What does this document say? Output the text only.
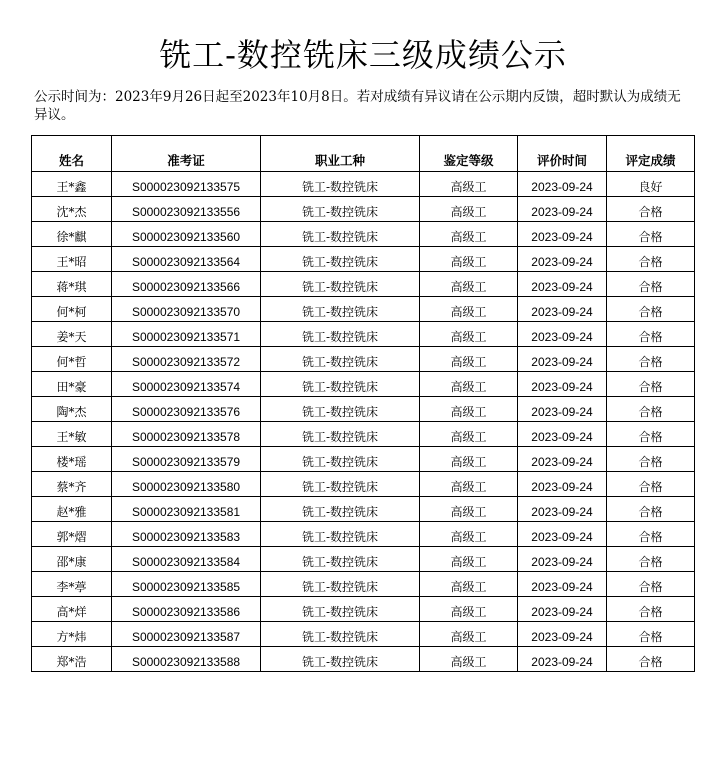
铣工-数控铣床三级成绩公示
公示时间为：2023年9月26日起至2023年10月8日。若对成绩有异议请在公示期内反馈，超时默认为成绩无异议。
姓名	准考证	职业工种	鉴定等级	评价时间	评定成绩
王*鑫	S000023092133575	铣工-数控铣床	高级工	2023-09-24	良好
沈*杰	S000023092133556	铣工-数控铣床	高级工	2023-09-24	合格
徐*麒	S000023092133560	铣工-数控铣床	高级工	2023-09-24	合格
王*昭	S000023092133564	铣工-数控铣床	高级工	2023-09-24	合格
蒋*琪	S000023092133566	铣工-数控铣床	高级工	2023-09-24	合格
何*柯	S000023092133570	铣工-数控铣床	高级工	2023-09-24	合格
姜*天	S000023092133571	铣工-数控铣床	高级工	2023-09-24	合格
何*哲	S000023092133572	铣工-数控铣床	高级工	2023-09-24	合格
田*豪	S000023092133574	铣工-数控铣床	高级工	2023-09-24	合格
陶*杰	S000023092133576	铣工-数控铣床	高级工	2023-09-24	合格
王*敏	S000023092133578	铣工-数控铣床	高级工	2023-09-24	合格
楼*瑶	S000023092133579	铣工-数控铣床	高级工	2023-09-24	合格
蔡*齐	S000023092133580	铣工-数控铣床	高级工	2023-09-24	合格
赵*雅	S000023092133581	铣工-数控铣床	高级工	2023-09-24	合格
郭*熠	S000023092133583	铣工-数控铣床	高级工	2023-09-24	合格
邵*康	S000023092133584	铣工-数控铣床	高级工	2023-09-24	合格
李*葶	S000023092133585	铣工-数控铣床	高级工	2023-09-24	合格
高*烊	S000023092133586	铣工-数控铣床	高级工	2023-09-24	合格
方*炜	S000023092133587	铣工-数控铣床	高级工	2023-09-24	合格
郑*浩	S000023092133588	铣工-数控铣床	高级工	2023-09-24	合格
